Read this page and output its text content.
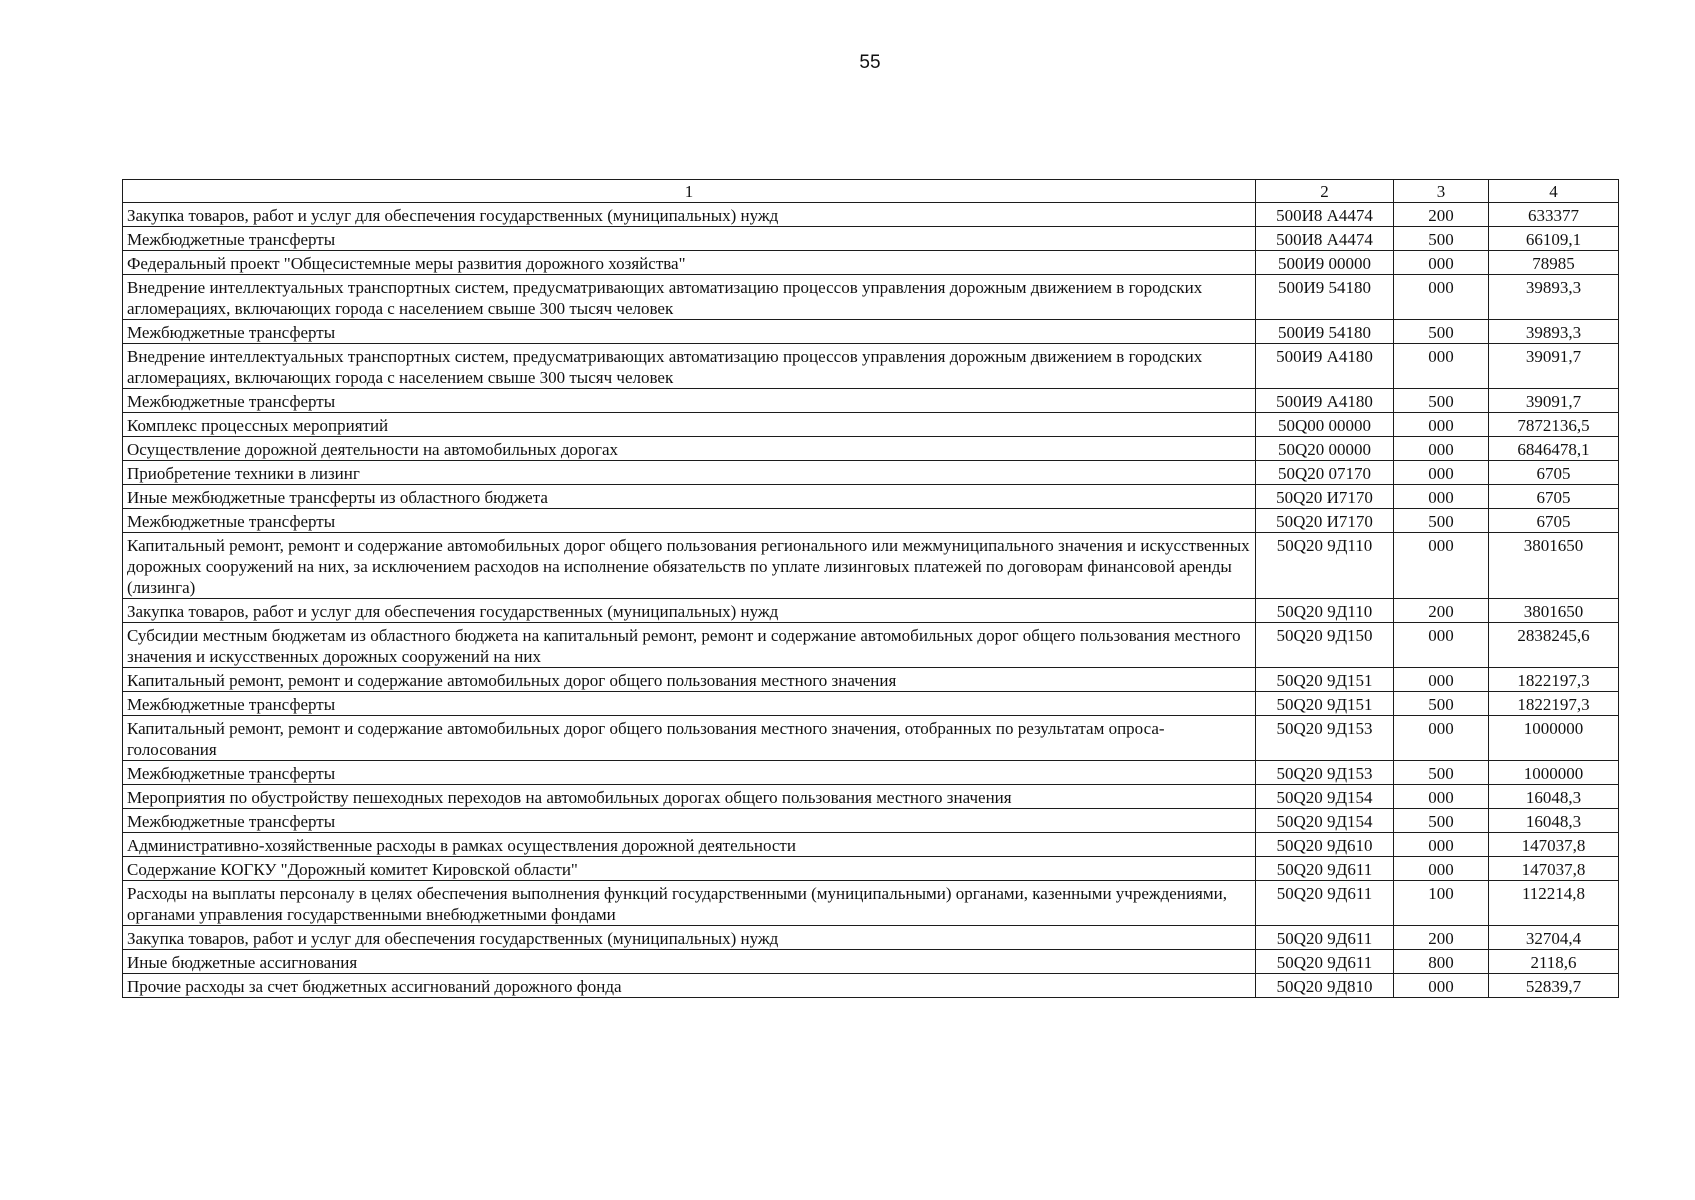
55
1	2	3	4
Закупка товаров, работ и услуг для обеспечения государственных (муниципальных) нужд	500И8 А4474	200	633377
Межбюджетные трансферты	500И8 А4474	500	66109,1
Федеральный проект "Общесистемные меры развития дорожного хозяйства"	500И9 00000	000	78985
Внедрение интеллектуальных транспортных систем, предусматривающих автоматизацию процессов управления дорожным движением в городских агломерациях, включающих города с населением свыше 300 тысяч человек	500И9 54180	000	39893,3
Межбюджетные трансферты	500И9 54180	500	39893,3
Внедрение интеллектуальных транспортных систем, предусматривающих автоматизацию процессов управления дорожным движением в городских агломерациях, включающих города с населением свыше 300 тысяч человек	500И9 А4180	000	39091,7
Межбюджетные трансферты	500И9 А4180	500	39091,7
Комплекс процессных мероприятий	50Q00 00000	000	7872136,5
Осуществление дорожной деятельности на автомобильных дорогах	50Q20 00000	000	6846478,1
Приобретение техники в лизинг	50Q20 07170	000	6705
Иные межбюджетные трансферты из областного бюджета	50Q20 И7170	000	6705
Межбюджетные трансферты	50Q20 И7170	500	6705
Капитальный ремонт, ремонт и содержание автомобильных дорог общего пользования регионального или межмуниципального значения и искусственных дорожных сооружений на них, за исключением расходов на исполнение обязательств по уплате лизинговых платежей по договорам финансовой аренды (лизинга)	50Q20 9Д110	000	3801650
Закупка товаров, работ и услуг для обеспечения государственных (муниципальных) нужд	50Q20 9Д110	200	3801650
Субсидии местным бюджетам из областного бюджета на капитальный ремонт, ремонт и содержание автомобильных дорог общего пользования местного значения и искусственных дорожных сооружений на них	50Q20 9Д150	000	2838245,6
Капитальный ремонт, ремонт и содержание автомобильных дорог общего пользования местного значения	50Q20 9Д151	000	1822197,3
Межбюджетные трансферты	50Q20 9Д151	500	1822197,3
Капитальный ремонт, ремонт и содержание автомобильных дорог общего пользования местного значения, отобранных по результатам опроса-голосования	50Q20 9Д153	000	1000000
Межбюджетные трансферты	50Q20 9Д153	500	1000000
Мероприятия по обустройству пешеходных переходов на автомобильных дорогах общего пользования местного значения	50Q20 9Д154	000	16048,3
Межбюджетные трансферты	50Q20 9Д154	500	16048,3
Административно-хозяйственные расходы в рамках осуществления дорожной деятельности	50Q20 9Д610	000	147037,8
Содержание КОГКУ "Дорожный комитет Кировской области"	50Q20 9Д611	000	147037,8
Расходы на выплаты персоналу в целях обеспечения выполнения функций государственными (муниципальными) органами, казенными учреждениями, органами управления государственными внебюджетными фондами	50Q20 9Д611	100	112214,8
Закупка товаров, работ и услуг для обеспечения государственных (муниципальных) нужд	50Q20 9Д611	200	32704,4
Иные бюджетные ассигнования	50Q20 9Д611	800	2118,6
Прочие расходы за счет бюджетных ассигнований дорожного фонда	50Q20 9Д810	000	52839,7
